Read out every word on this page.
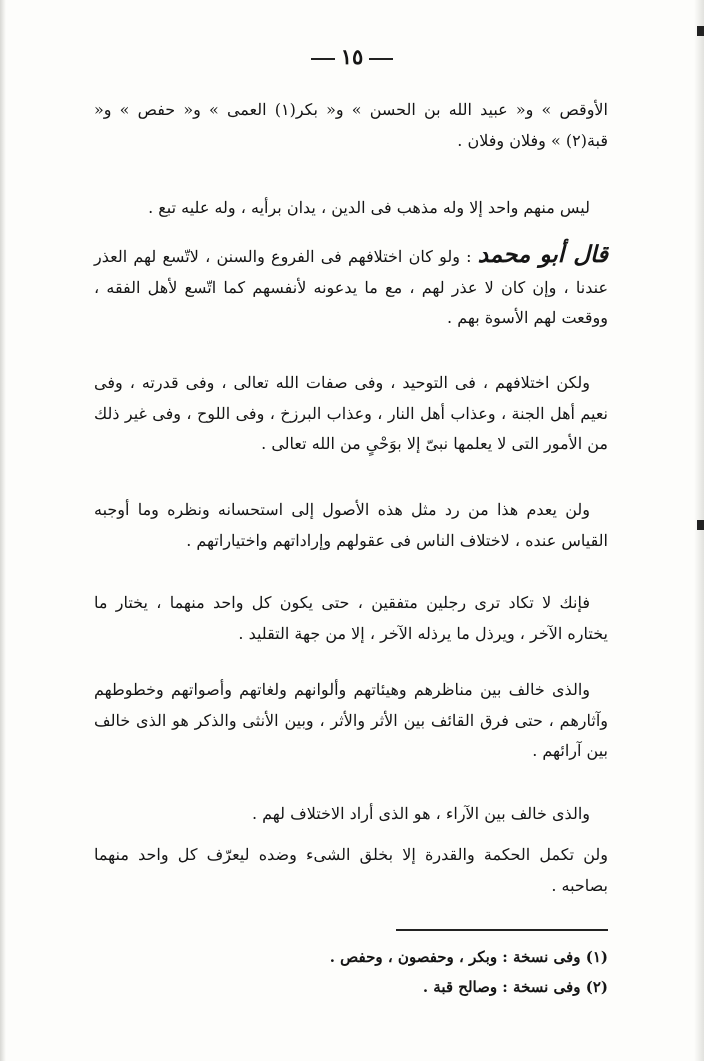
١٥

الأوقص » و« عبيد الله بن الحسن » و« بكر(١) العمى » و« حفص » و« قبة(٢) » وفلان وفلان .

ليس منهم واحد إلا وله مذهب فى الدين ، يدان برأيه ، وله عليه تبع .

قال أبو محمد : ولو كان اختلافهم فى الفروع والسنن ، لاتّسع لهم العذر عندنا ، وإن كان لا عذر لهم ، مع ما يدعونه لأنفسهم كما اتّسع لأهل الفقه ، ووقعت لهم الأسوة بهم .

ولكن اختلافهم ، فى التوحيد ، وفى صفات الله تعالى ، وفى قدرته ، وفى نعيم أهل الجنة ، وعذاب أهل النار ، وعذاب البرزخ ، وفى اللوح ، وفى غير ذلك من الأمور التى لا يعلمها نبىّ إلا بوَحْىٍ من الله تعالى .

ولن يعدم هذا من رد مثل هذه الأصول إلى استحسانه ونظره وما أوجبه القياس عنده ، لاختلاف الناس فى عقولهم وإراداتهم واختياراتهم .

فإنك لا تكاد ترى رجلين متفقين ، حتى يكون كل واحد منهما ، يختار ما يختاره الآخر ، ويرذل ما يرذله الآخر ، إلا من جهة التقليد .

والذى خالف بين مناظرهم وهيئاتهم وألوانهم ولغاتهم وأصواتهم وخطوطهم وآثارهم ، حتى فرق القائف بين الأثر والأثر ، وبين الأنثى والذكر هو الذى خالف بين آرائهم .

والذى خالف بين الآراء ، هو الذى أراد الاختلاف لهم .

ولن تكمل الحكمة والقدرة إلا بخلق الشىء وضده ليعرّف كل واحد منهما بصاحبه .

(١) وفى نسخة : وبكر ، وحفصون ، وحفص .
(٢) وفى نسخة : وصالح قبة .
